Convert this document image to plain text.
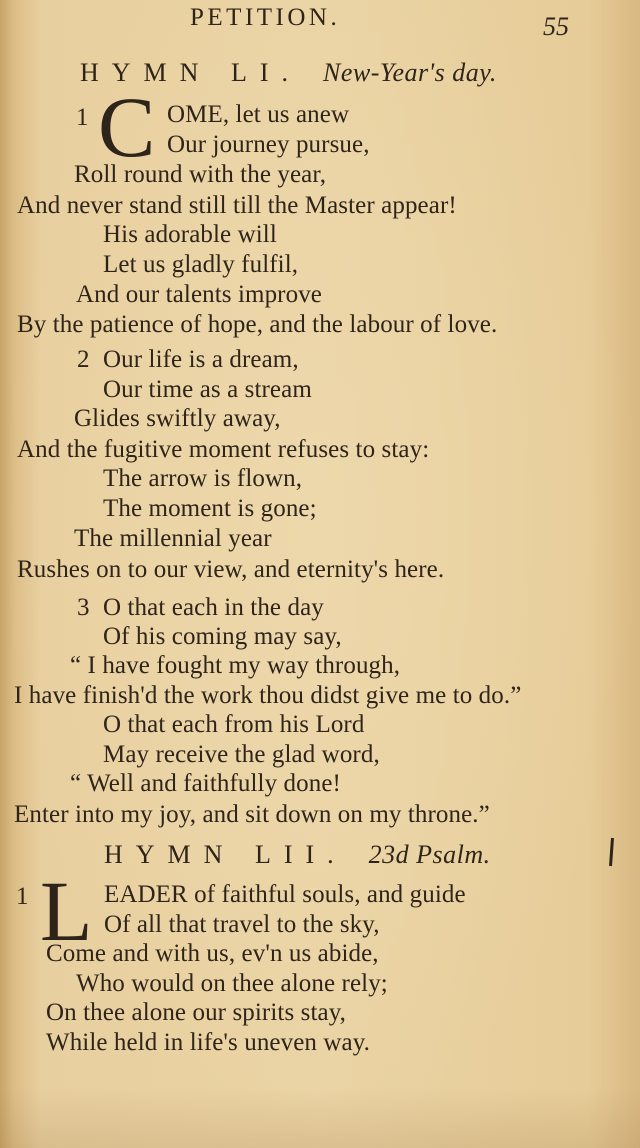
PETITION.	55
HYMN LI. New-Year's day.
1 C OME, let us anew
Our journey pursue,
Roll round with the year,
And never stand still till the Master appear!
His adorable will
Let us gladly fulfil,
And our talents improve
By the patience of hope, and the labour of love.
2 Our life is a dream,
Our time as a stream
Glides swiftly away,
And the fugitive moment refuses to stay:
The arrow is flown,
The moment is gone;
The millennial year
Rushes on to our view, and eternity's here.
3 O that each in the day
Of his coming may say,
“ I have fought my way through,
I have finish'd the work thou didst give me to do.”
O that each from his Lord
May receive the glad word,
“ Well and faithfully done!
Enter into my joy, and sit down on my throne.”
HYMN LII. 23d Psalm.
1 L EADER of faithful souls, and guide
Of all that travel to the sky,
Come and with us, ev'n us abide,
Who would on thee alone rely;
On thee alone our spirits stay,
While held in life's uneven way.
